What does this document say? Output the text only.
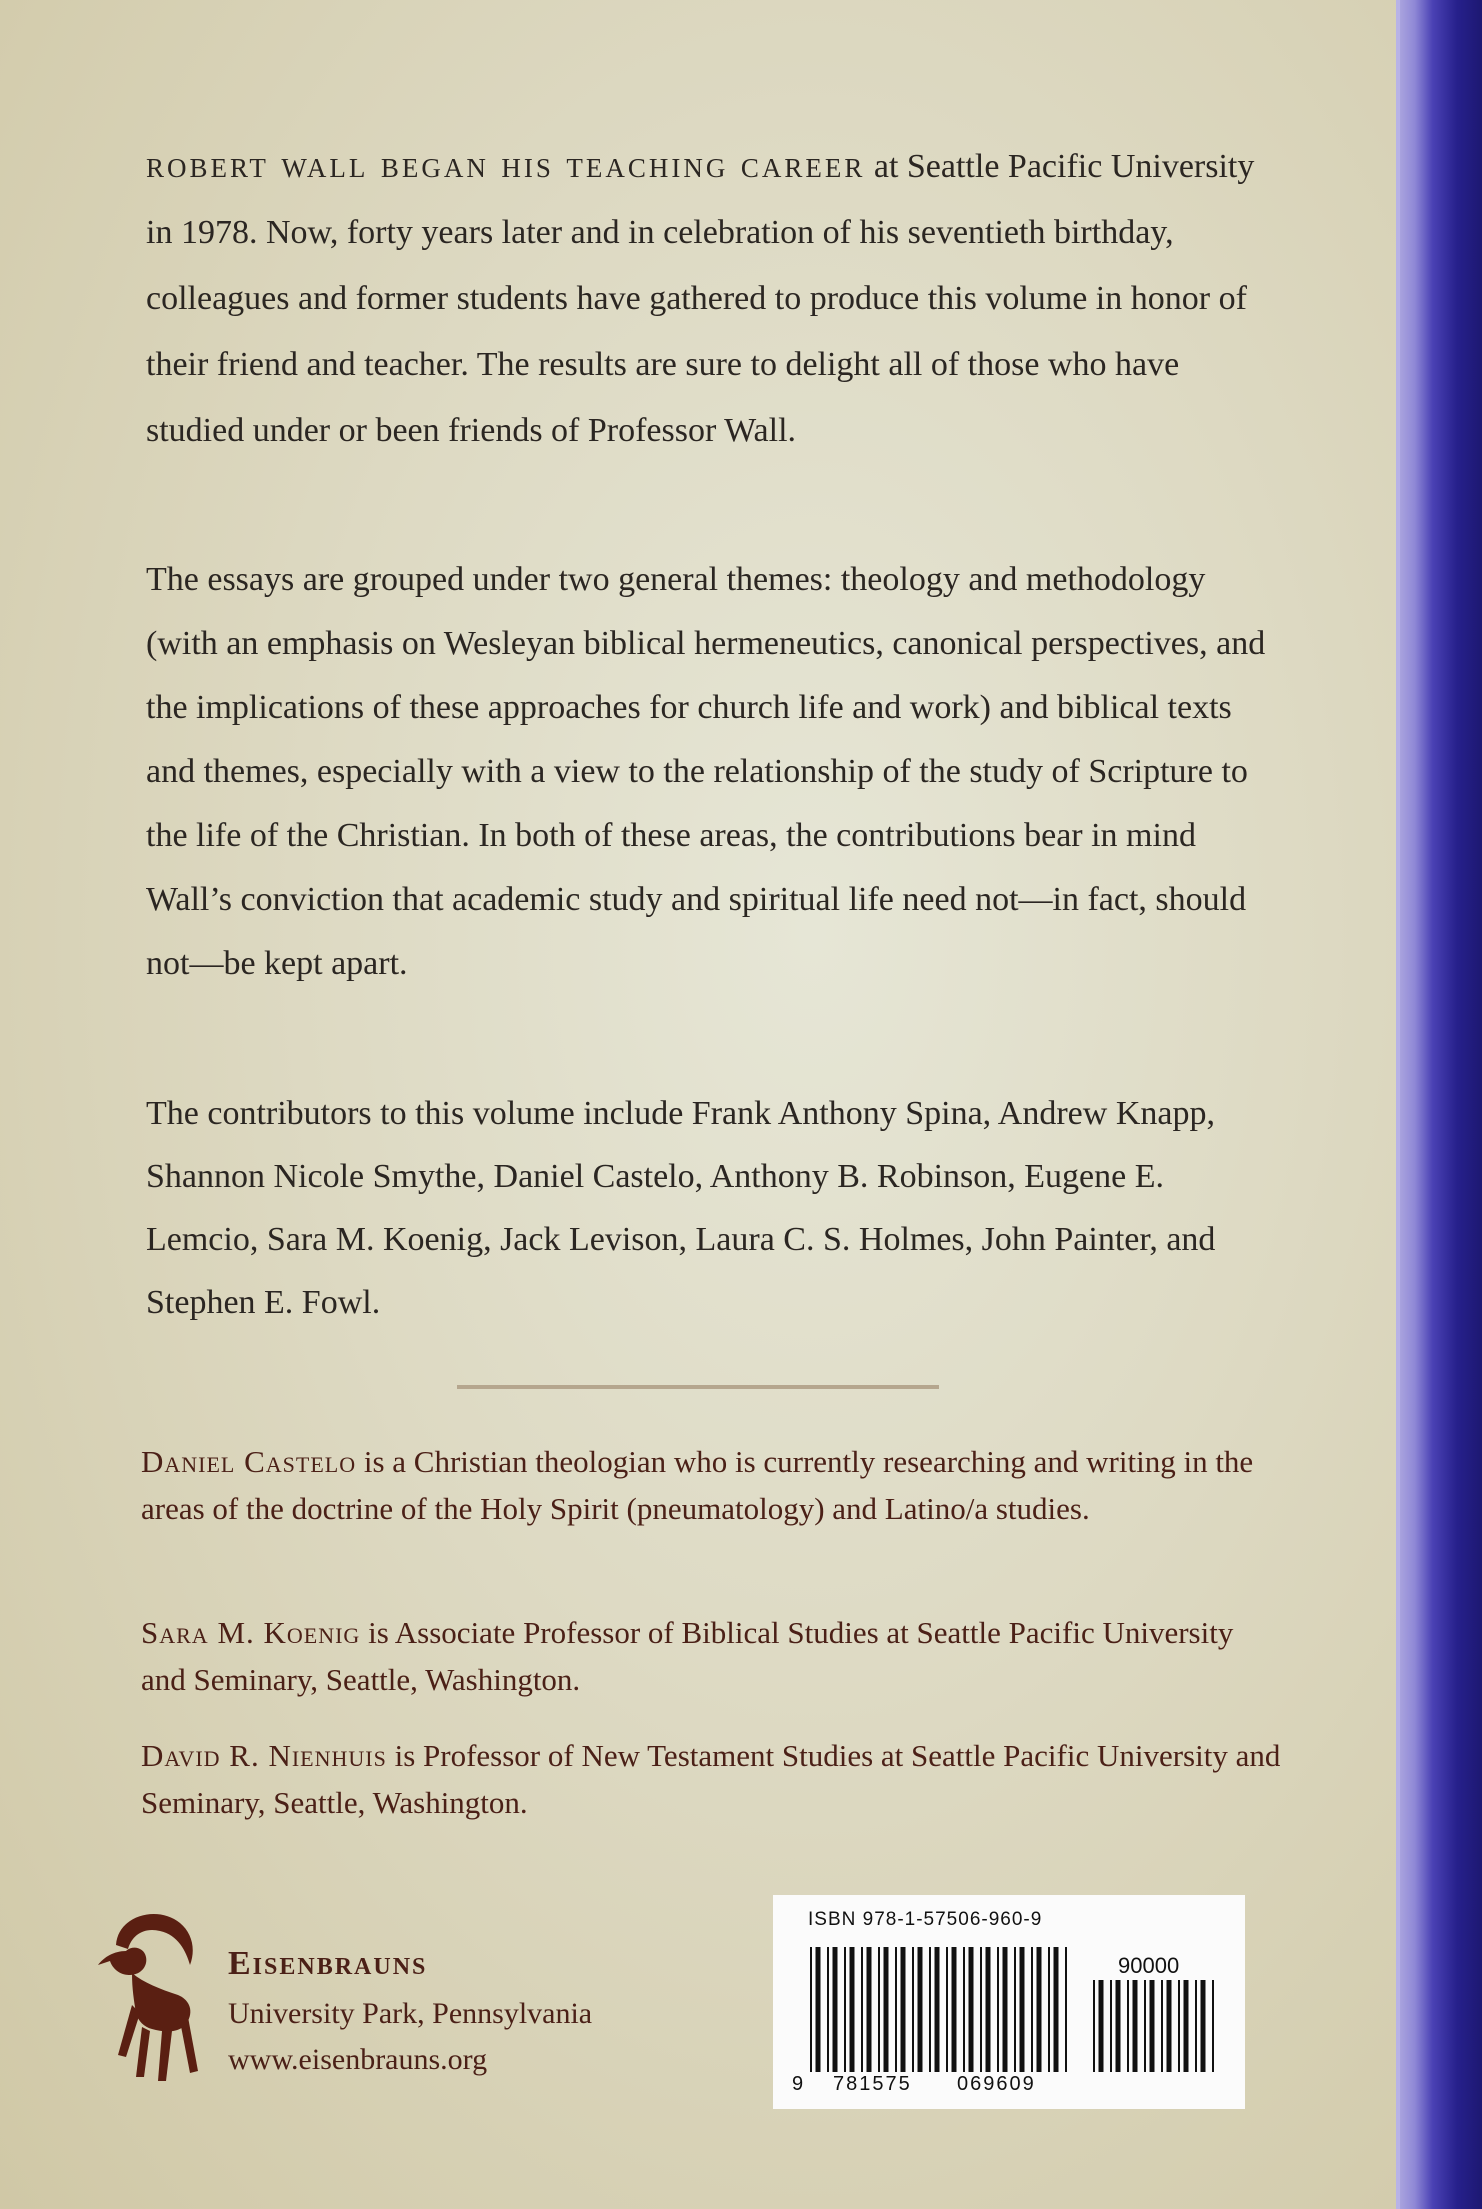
robert wall began his teaching career at Seattle Pacific University in 1978. Now, forty years later and in celebration of his seventieth birthday, colleagues and former students have gathered to produce this volume in honor of their friend and teacher. The results are sure to delight all of those who have studied under or been friends of Professor Wall.
The essays are grouped under two general themes: theology and methodology (with an emphasis on Wesleyan biblical hermeneutics, canonical perspectives, and the implications of these approaches for church life and work) and biblical texts and themes, especially with a view to the relationship of the study of Scripture to the life of the Christian. In both of these areas, the contributions bear in mind Wall’s conviction that academic study and spiritual life need not—in fact, should not—be kept apart.
The contributors to this volume include Frank Anthony Spina, Andrew Knapp, Shannon Nicole Smythe, Daniel Castelo, Anthony B. Robinson, Eugene E. Lemcio, Sara M. Koenig, Jack Levison, Laura C. S. Holmes, John Painter, and Stephen E. Fowl.
Daniel Castelo is a Christian theologian who is currently researching and writing in the areas of the doctrine of the Holy Spirit (pneumatology) and Latino/a studies.
Sara M. Koenig is Associate Professor of Biblical Studies at Seattle Pacific University and Seminary, Seattle, Washington.
David R. Nienhuis is Professor of New Testament Studies at Seattle Pacific University and Seminary, Seattle, Washington.
Eisenbrauns
University Park, Pennsylvania
www.eisenbrauns.org
ISBN 978-1-57506-960-9
90000
9 781575 069609
